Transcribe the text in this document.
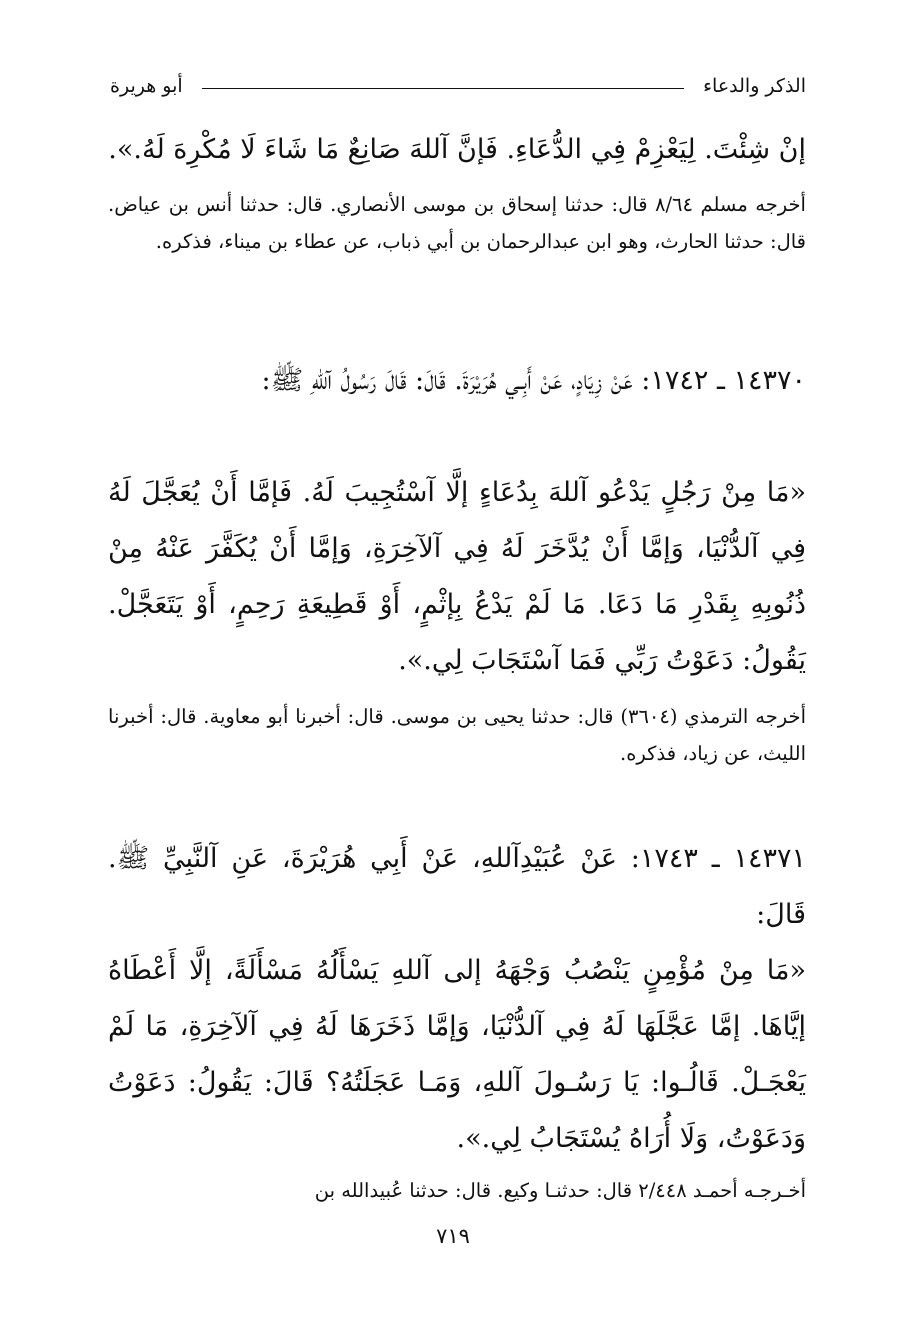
الذكر والدعاء
أبو هريرة

إنْ شِئْتَ. لِيَعْزِمْ فِي الدُّعَاءِ. فَإنَّ آللهَ صَانِعٌ مَا شَاءَ لَا مُكْرِهَ لَهُ.».

أخرجه مسلم ٨/٦٤ قال: حدثنا إسحاق بن موسى الأنصاري. قال: حدثنا أنس بن عياض. قال: حدثنا الحارث، وهو ابن عبدالرحمان بن أبي ذباب، عن عطاء بن ميناء، فذكره.

١٤٣٧٠ ـ ١٧٤٢: عَنْ زِيَادٍ، عَنْ أَبِـي هُرَيْرَةَ. قَالَ: قَالَ رَسُولُ آللهِ ﷺ:

«مَا مِنْ رَجُلٍ يَدْعُو آللهَ بِدُعَاءٍ إلَّا آسْتُجِيبَ لَهُ. فَإمَّا أَنْ يُعَجَّلَ لَهُ فِي آلدُّنْيَا، وَإمَّا أَنْ يُدَّخَرَ لَهُ فِي آلآخِرَةِ، وَإمَّا أَنْ يُكَفَّرَ عَنْهُ مِنْ ذُنُوبِهِ بِقَدْرِ مَا دَعَا. مَا لَمْ يَدْعُ بِإثْمٍ، أَوْ قَطِيعَةِ رَحِمٍ، أَوْ يَتَعَجَّلْ. يَقُولُ: دَعَوْتُ رَبِّي فَمَا آسْتَجَابَ لِي.».

أخرجه الترمذي (٣٦٠٤) قال: حدثنا يحيى بن موسى. قال: أخبرنا أبو معاوية. قال: أخبرنا الليث، عن زياد، فذكره.

١٤٣٧١ ـ ١٧٤٣: عَنْ عُبَيْدِآللهِ، عَنْ أَبِي هُرَيْرَةَ، عَنِ آلنَّبِيِّ ﷺ. قَالَ:

«مَا مِنْ مُؤْمِنٍ يَنْصُبُ وَجْهَهُ إلى آللهِ يَسْأَلُهُ مَسْأَلَةً، إلَّا أَعْطَاهُ إيَّاهَا. إمَّا عَجَّلَهَا لَهُ فِي آلدُّنْيَا، وَإمَّا ذَخَرَهَا لَهُ فِي آلآخِرَةِ، مَا لَمْ يَعْجَـلْ. قَالُـوا: يَا رَسُـولَ آللهِ، وَمَـا عَجَلَتُهُ؟ قَالَ: يَقُولُ: دَعَوْتُ وَدَعَوْتُ، وَلَا أُرَاهُ يُسْتَجَابُ لِي.».

أخـرجـه أحمـد ٢/٤٤٨ قال: حدثنـا وكيع. قال: حدثنا عُبيدالله بن

٧١٩
